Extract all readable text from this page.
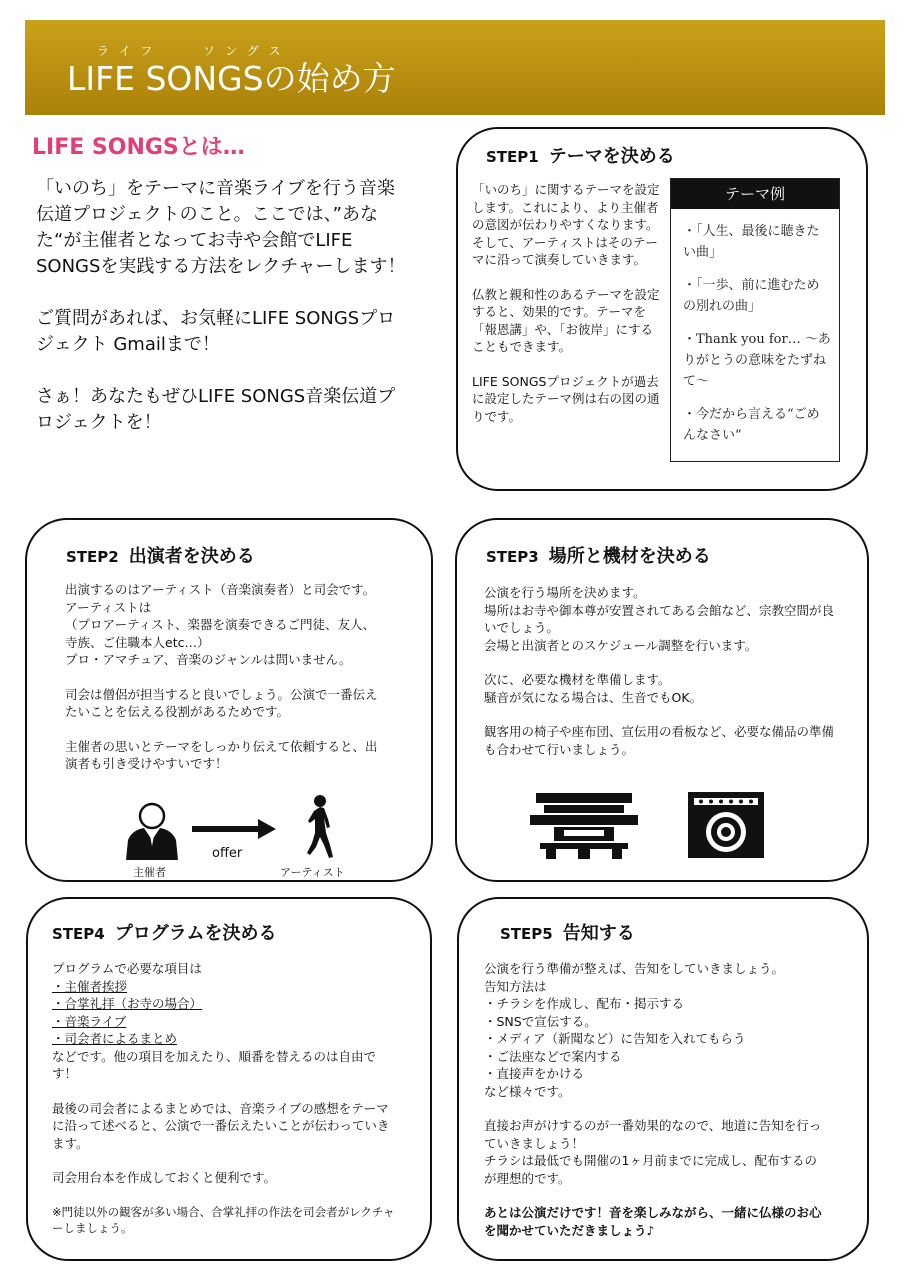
ライフ	ソングス
LIFE SONGSの始め方
LIFE SONGSとは…

「いのち」をテーマに音楽ライブを行う音楽伝道プロジェクトのこと。ここでは、”あなた“が主催者となってお寺や会館でLIFE SONGSを実践する方法をレクチャーします！

ご質問があれば、お気軽にLIFE SONGSプロジェクト Gmailまで！

さぁ！あなたもぜひLIFE SONGS音楽伝道プロジェクトを！

STEP1 テーマを決める

「いのち」に関するテーマを設定します。これにより、より主催者の意図が伝わりやすくなります。そして、アーティストはそのテーマに沿って演奏していきます。

仏教と親和性のあるテーマを設定すると、効果的です。テーマを「報恩講」や、「お彼岸」にすることもできます。

LIFE SONGSプロジェクトが過去に設定したテーマ例は右の図の通りです。

テーマ例
・「人生、最後に聴きたい曲」
・「一歩、前に進むための別れの曲」
・Thank you for… 〜ありがとうの意味をたずねて〜
・今だから言える“ごめんなさい”
STEP2 出演者を決める
出演するのはアーティスト（音楽演奏者）と司会です。
アーティストは
（プロアーティスト、楽器を演奏できるご門徒、友人、寺族、ご住職本人etc…）

プロ・アマチュア、音楽のジャンルは問いません。

司会は僧侶が担当すると良いでしょう。公演で一番伝えたいことを伝える役割があるためです。

主催者の思いとテーマをしっかり伝えて依頼すると、出演者も引き受けやすいです！

主催者
offer
アーティスト
STEP3 場所と機材を決める
公演を行う場所を決めます。
場所はお寺や御本尊が安置されてある会館など、宗教空間が良いでしょう。

会場と出演者とのスケジュール調整を行います。

次に、必要な機材を準備します。

騒音が気になる場合は、生音でもOK。

観客用の椅子や座布団、宣伝用の看板など、必要な備品の準備も合わせて行いましょう。

STEP4 プログラムを決める
プログラムで必要な項目は
・主催者挨拶
・合掌礼拝（お寺の場合）
・音楽ライブ
・司会者によるまとめ

などです。他の項目を加えたり、順番を替えるのは自由です！

最後の司会者によるまとめでは、音楽ライブの感想をテーマに沿って述べると、公演で一番伝えたいことが伝わっていきます。

司会用台本を作成しておくと便利です。

※門徒以外の観客が多い場合、合掌礼拝の作法を司会者がレクチャーしましょう。
STEP5 告知する
公演を行う準備が整えば、告知をしていきましょう。
告知方法は
・チラシを作成し、配布・掲示する
・SNSで宣伝する。
・メディア（新聞など）に告知を入れてもらう
・ご法座などで案内する
・直接声をかける

など様々です。

直接お声がけするのが一番効果的なので、地道に告知を行っていきましょう！

チラシは最低でも開催の1ヶ月前までに完成し、配布するのが理想的です。

あとは公演だけです！音を楽しみながら、一緒に仏様のお心を聞かせていただきましょう♪
